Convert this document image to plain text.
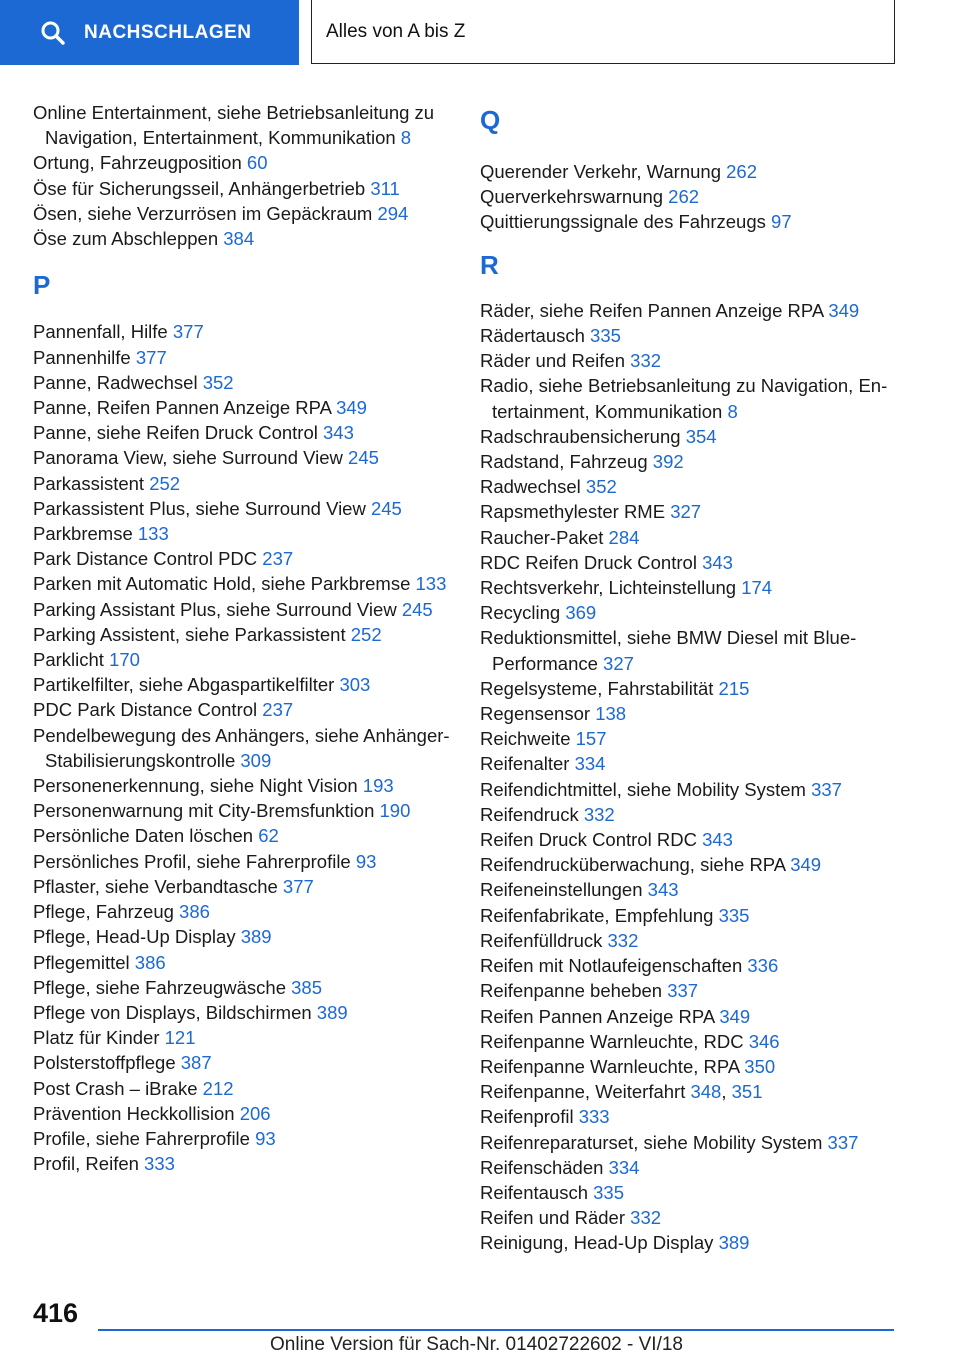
NACHSCHLAGEN	Alles von A bis Z

Online Entertainment, siehe Betriebsanleitung zu Navigation, Entertainment, Kommunikation 8

Ortung, Fahrzeugposition 60

Öse für Sicherungsseil, Anhängerbetrieb 311

Ösen, siehe Verzurrösen im Gepäckraum 294

Öse zum Abschleppen 384

P

Pannenfall, Hilfe 377

Pannenhilfe 377

Panne, Radwechsel 352

Panne, Reifen Pannen Anzeige RPA 349

Panne, siehe Reifen Druck Control 343

Panorama View, siehe Surround View 245

Parkassistent 252

Parkassistent Plus, siehe Surround View 245

Parkbremse 133

Park Distance Control PDC 237

Parken mit Automatic Hold, siehe Parkbremse 133

Parking Assistant Plus, siehe Surround View 245

Parking Assistent, siehe Parkassistent 252

Parklicht 170

Partikelfilter, siehe Abgaspartikelfilter 303

PDC Park Distance Control 237

Pendelbewegung des Anhängers, siehe Anhänger-Stabilisierungskontrolle 309

Personenerkennung, siehe Night Vision 193

Personenwarnung mit City-Bremsfunktion 190

Persönliche Daten löschen 62

Persönliches Profil, siehe Fahrerprofile 93

Pflaster, siehe Verbandtasche 377

Pflege, Fahrzeug 386

Pflege, Head-Up Display 389

Pflegemittel 386

Pflege, siehe Fahrzeugwäsche 385

Pflege von Displays, Bildschirmen 389

Platz für Kinder 121

Polsterstoffpflege 387

Post Crash – iBrake 212

Prävention Heckkollision 206

Profile, siehe Fahrerprofile 93

Profil, Reifen 333

Q

Querender Verkehr, Warnung 262

Querverkehrswarnung 262

Quittierungssignale des Fahrzeugs 97

R

Räder, siehe Reifen Pannen Anzeige RPA 349

Rädertausch 335

Räder und Reifen 332

Radio, siehe Betriebsanleitung zu Navigation, Entertainment, Kommunikation 8

Radschraubensicherung 354

Radstand, Fahrzeug 392

Radwechsel 352

Rapsmethylester RME 327

Raucher-Paket 284

RDC Reifen Druck Control 343

Rechtsverkehr, Lichteinstellung 174

Recycling 369

Reduktionsmittel, siehe BMW Diesel mit BluePerformance 327

Regelsysteme, Fahrstabilität 215

Regensensor 138

Reichweite 157

Reifenalter 334

Reifendichtmittel, siehe Mobility System 337

Reifendruck 332

Reifen Druck Control RDC 343

Reifendrucküberwachung, siehe RPA 349

Reifeneinstellungen 343

Reifenfabrikate, Empfehlung 335

Reifenfülldruck 332

Reifen mit Notlaufeigenschaften 336

Reifenpanne beheben 337

Reifen Pannen Anzeige RPA 349

Reifenpanne Warnleuchte, RDC 346

Reifenpanne Warnleuchte, RPA 350

Reifenpanne, Weiterfahrt 348, 351

Reifenprofil 333

Reifenreparaturset, siehe Mobility System 337

Reifenschäden 334

Reifentausch 335

Reifen und Räder 332

Reinigung, Head-Up Display 389

416
Online Version für Sach-Nr. 01402722602 - VI/18
